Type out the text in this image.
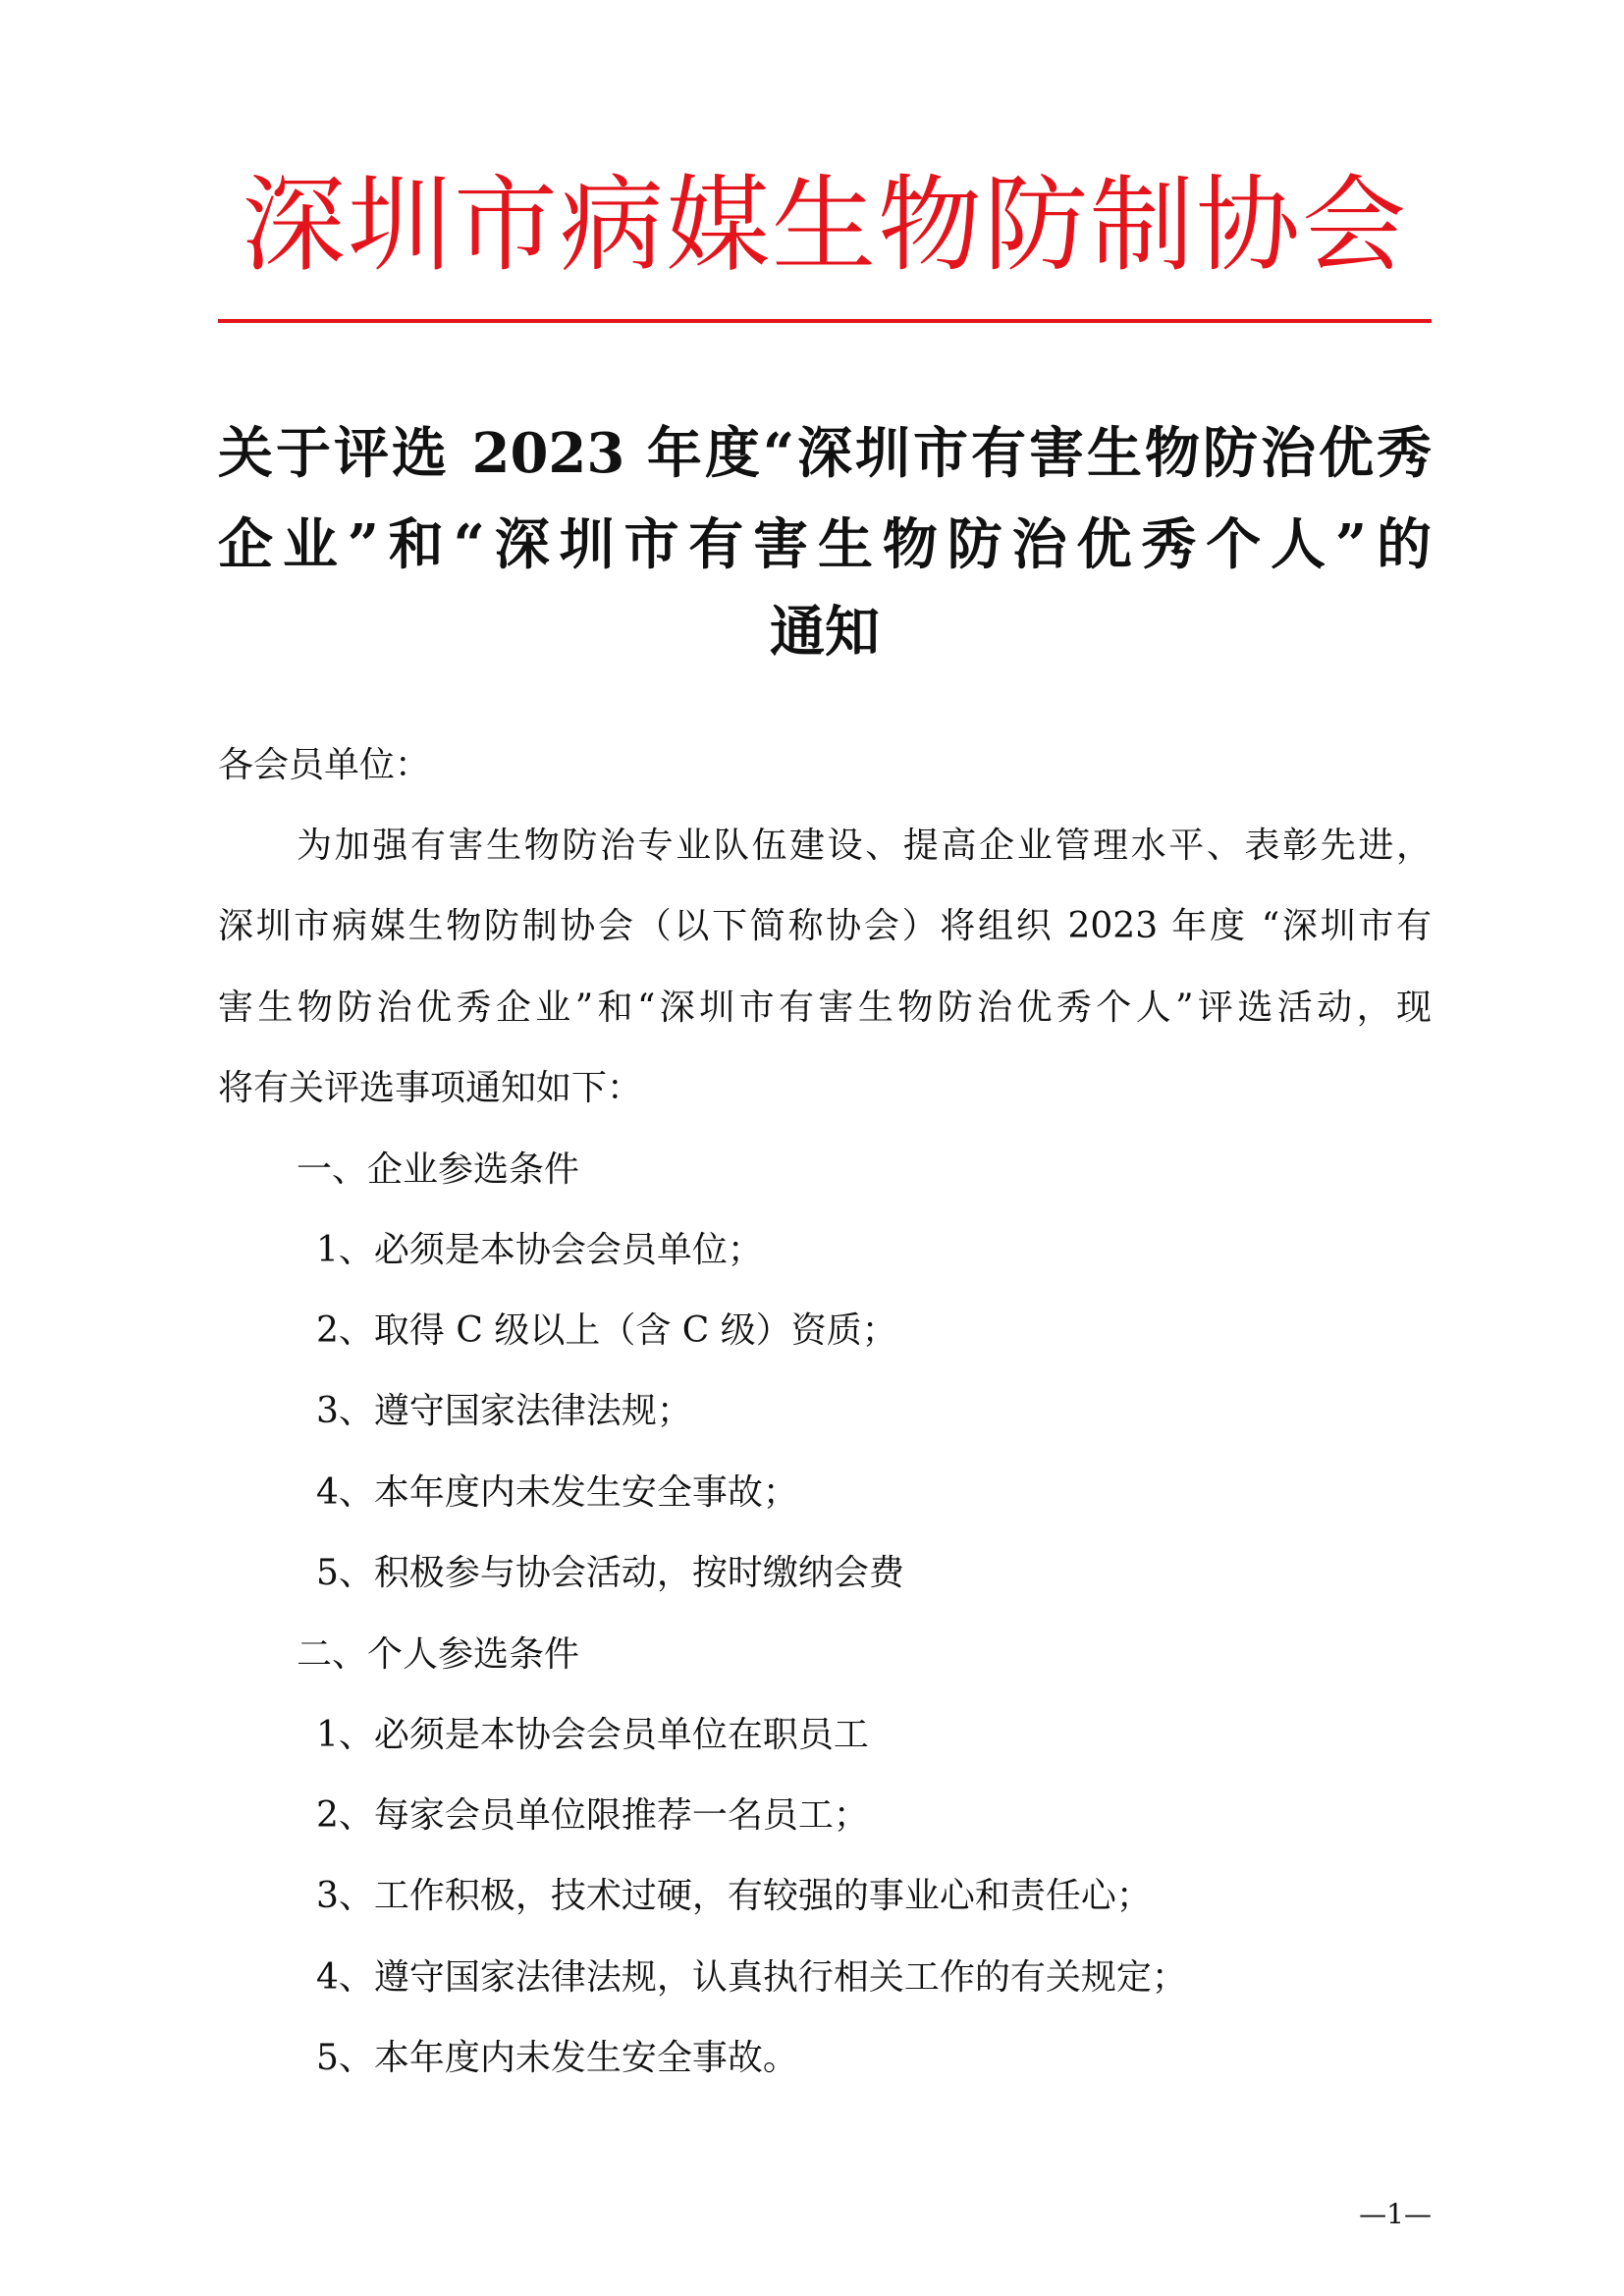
深圳市病媒生物防制协会
关于评选 2023 年度“深圳市有害生物防治优秀
企业”和“深圳市有害生物防治优秀个人”的
通知
各会员单位：
为加强有害生物防治专业队伍建设、提高企业管理水平、表彰先进，
深圳市病媒生物防制协会（以下简称协会）将组织 2023 年度 “深圳市有
害生物防治优秀企业”和“深圳市有害生物防治优秀个人”评选活动，现
将有关评选事项通知如下：
一、企业参选条件
1、必须是本协会会员单位；
2、取得 C 级以上（含 C 级）资质；
3、遵守国家法律法规；
4、本年度内未发生安全事故；
5、积极参与协会活动，按时缴纳会费
二、个人参选条件
1、必须是本协会会员单位在职员工
2、每家会员单位限推荐一名员工；
3、工作积极，技术过硬，有较强的事业心和责任心；
4、遵守国家法律法规，认真执行相关工作的有关规定；
5、本年度内未发生安全事故。
—1—
